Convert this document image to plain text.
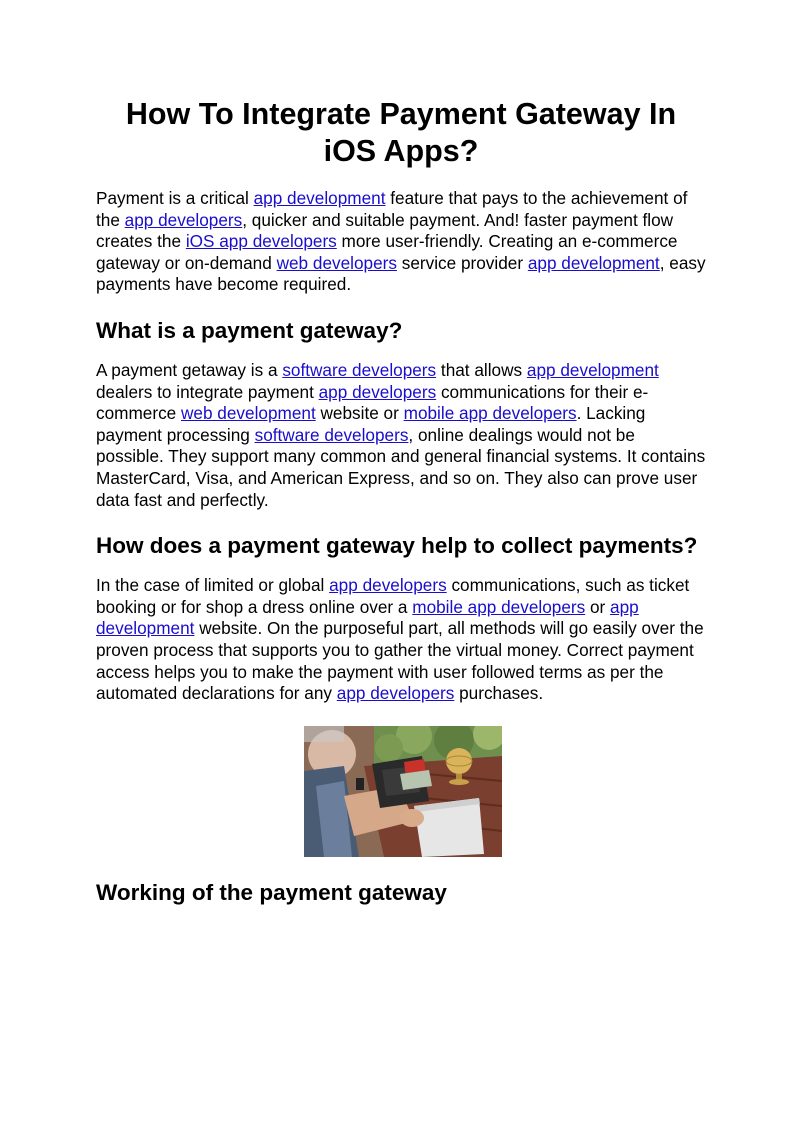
How To Integrate Payment Gateway In
iOS Apps?

Payment is a critical app development feature that pays to the achievement of the app developers, quicker and suitable payment. And! faster payment flow creates the iOS app developers more user-friendly. Creating an e-commerce gateway or on-demand web developers service provider app development, easy payments have become required.

What is a payment gateway?

A payment getaway is a software developers that allows app development dealers to integrate payment app developers communications for their e-commerce web development website or mobile app developers. Lacking payment processing software developers, online dealings would not be possible. They support many common and general financial systems. It contains MasterCard, Visa, and American Express, and so on. They also can prove user data fast and perfectly.

How does a payment gateway help to collect payments?

In the case of limited or global app developers communications, such as ticket booking or for shop a dress online over a mobile app developers or app development website. On the purposeful part, all methods will go easily over the proven process that supports you to gather the virtual money. Correct payment access helps you to make the payment with user followed terms as per the automated declarations for any app developers purchases.

Working of the payment gateway
